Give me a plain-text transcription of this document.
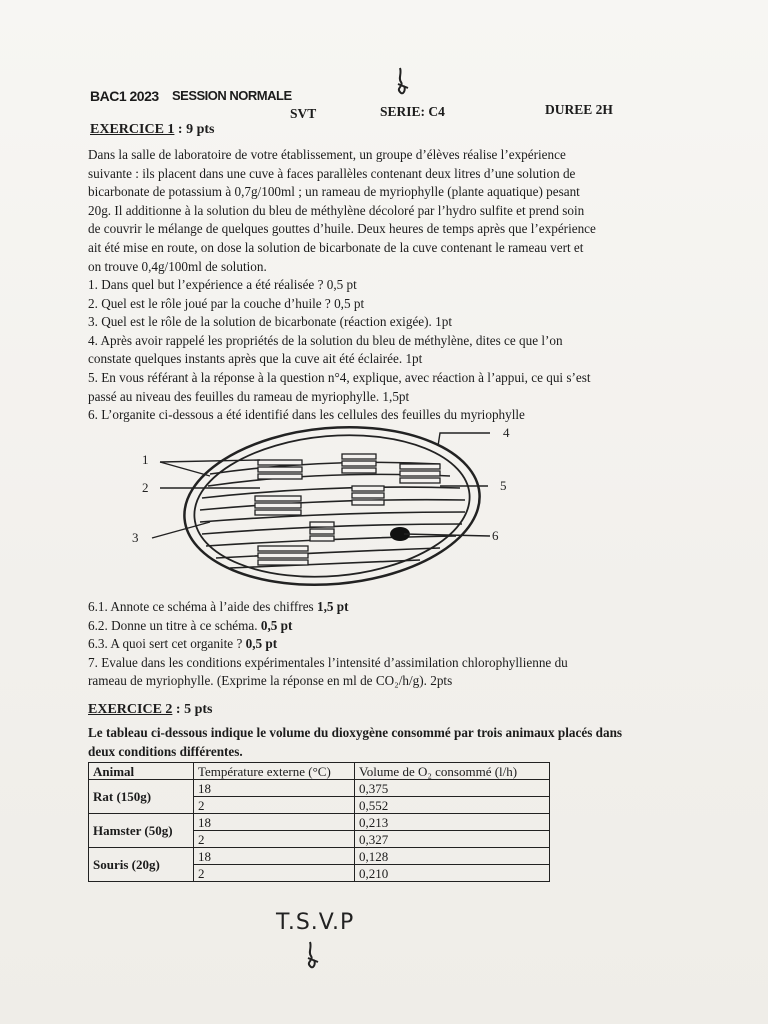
BAC1 2023 SESSION NORMALE
SVT	SERIE: C4	DUREE 2H
EXERCICE 1 : 9 pts
Dans la salle de laboratoire de votre établissement, un groupe d’élèves réalise l’expérience
suivante : ils placent dans une cuve à faces parallèles contenant deux litres d’une solution de
bicarbonate de potassium à 0,7g/100ml ; un rameau de myriophylle (plante aquatique) pesant
20g. Il additionne à la solution du bleu de méthylène décoloré par l’hydro sulfite et prend soin
de couvrir le mélange de quelques gouttes d’huile. Deux heures de temps après que l’expérience
ait été mise en route, on dose la solution de bicarbonate de la cuve contenant le rameau vert et
on trouve 0,4g/100ml de solution.
1. Dans quel but l’expérience a été réalisée ? 0,5 pt
2. Quel est le rôle joué par la couche d’huile ? 0,5 pt
3. Quel est le rôle de la solution de bicarbonate (réaction exigée). 1pt
4. Après avoir rappelé les propriétés de la solution du bleu de méthylène, dites ce que l’on
constate quelques instants après que la cuve ait été éclairée. 1pt
5. En vous référant à la réponse à la question n°4, explique, avec réaction à l’appui, ce qui s’est
passé au niveau des feuilles du rameau de myriophylle. 1,5pt
6. L’organite ci-dessous a été identifié dans les cellules des feuilles du myriophylle
1
2
3
4
5
6
6.1. Annote ce schéma à l’aide des chiffres 1,5 pt
6.2. Donne un titre à ce schéma. 0,5 pt
6.3. A quoi sert cet organite ? 0,5 pt
7. Evalue dans les conditions expérimentales l’intensité d’assimilation chlorophyllienne du
rameau de myriophylle. (Exprime la réponse en ml de CO₂/h/g). 2pts
EXERCICE 2 : 5 pts
Le tableau ci-dessous indique le volume du dioxygène consommé par trois animaux placés dans
deux conditions différentes.
Animal	Température externe (°C)	Volume de O₂ consommé (l/h)
Rat (150g)	18	0,375
	2	0,552
Hamster (50g)	18	0,213
	2	0,327
Souris (20g)	18	0,128
	2	0,210
T.S.V.P
